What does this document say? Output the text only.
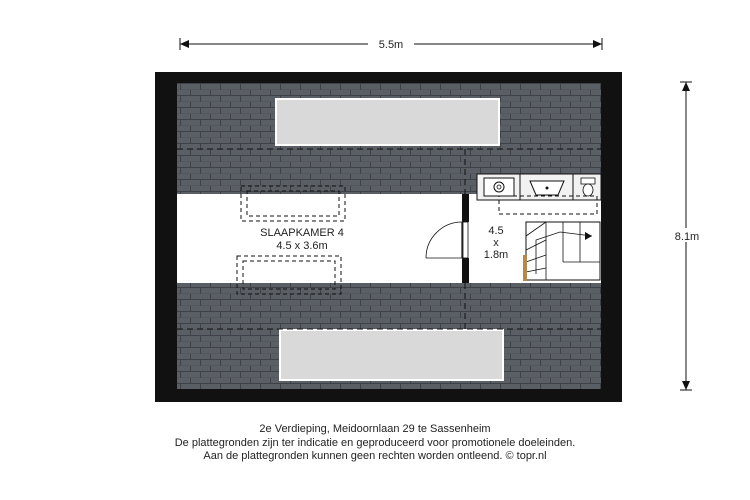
5.5m
8.1m
SLAAPKAMER 4
4.5 x 3.6m
4.5
x
1.8m
2e Verdieping, Meidoornlaan 29 te Sassenheim
De plattegronden zijn ter indicatie en geproduceerd voor promotionele doeleinden.
Aan de plattegronden kunnen geen rechten worden ontleend. © topr.nl
